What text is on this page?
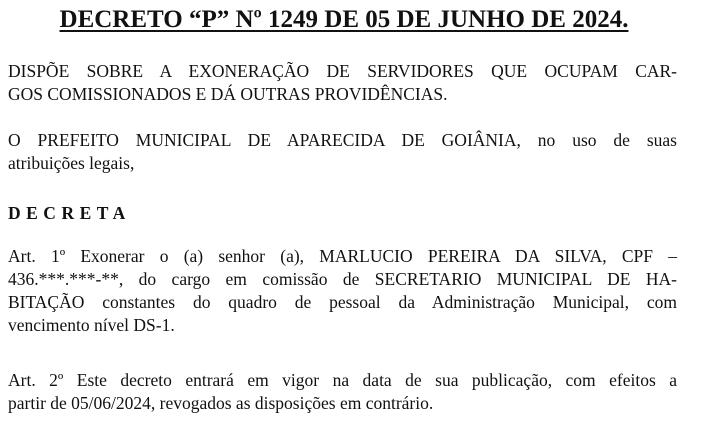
DECRETO “P” Nº 1249 DE 05 DE JUNHO DE 2024.

DISPÕE SOBRE A EXONERAÇÃO DE SERVIDORES QUE OCUPAM CAR-
GOS COMISSIONADOS E DÁ OUTRAS PROVIDÊNCIAS.

O PREFEITO MUNICIPAL DE APARECIDA DE GOIÂNIA, no uso de suas
atribuições legais,

DECRETA

Art. 1º Exonerar o (a) senhor (a), MARLUCIO PEREIRA DA SILVA, CPF –
436.***.***-**, do cargo em comissão de SECRETARIO MUNICIPAL DE HA-
BITAÇÃO constantes do quadro de pessoal da Administração Municipal, com
vencimento nível DS-1.

Art. 2º Este decreto entrará em vigor na data de sua publicação, com efeitos a
partir de 05/06/2024, revogados as disposições em contrário.
